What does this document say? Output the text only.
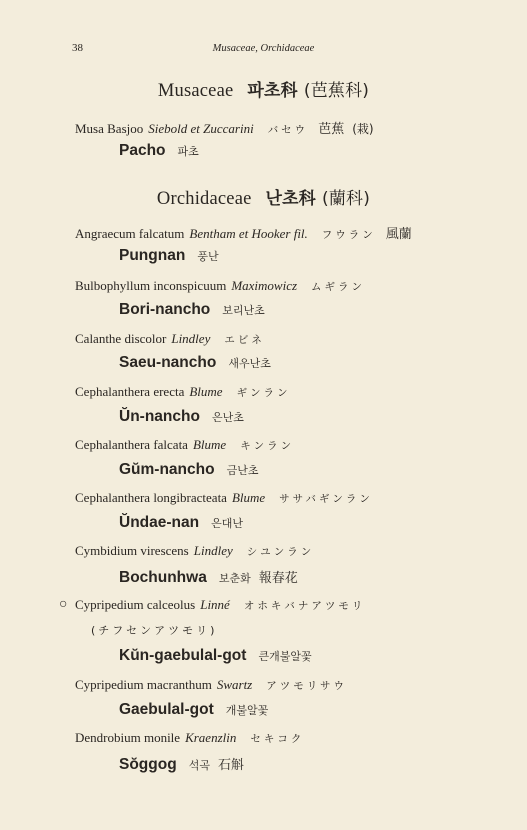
38	Musaceae, Orchidaceae
Musaceae 파초科 (芭蕉科)
Musa Basjoo Siebold et Zuccarini バセウ 芭蕉 (栽)
Pacho 파초
Orchidaceae 난초科 (蘭科)
Angraecum falcatum Bentham et Hooker fil. フウラン 風蘭
Pungnan 풍난
Bulbophyllum inconspicuum Maximowicz ムギラン
Bori-nancho 보리난초
Calanthe discolor Lindley エビネ
Saeu-nancho 새우난초
Cephalanthera erecta Blume ギンラン
Ŭn-nancho 은난초
Cephalanthera falcata Blume キンラン
Gŭm-nancho 금난초
Cephalanthera longibracteata Blume ササバギンラン
Ŭndae-nan 은대난
Cymbidium virescens Lindley シユンラン
Bochunhwa 보춘화 報春花
○ Cypripedium calceolus Linné オホキバナアツモリ
(チフセンアツモリ)
Kŭn-gaebulal-got 큰개불알꽃
Cypripedium macranthum Swartz アツモリサウ
Gaebulal-got 개불알꽃
Dendrobium monile Kraenzlin セキコク
Sŏggog 석곡 石斛
